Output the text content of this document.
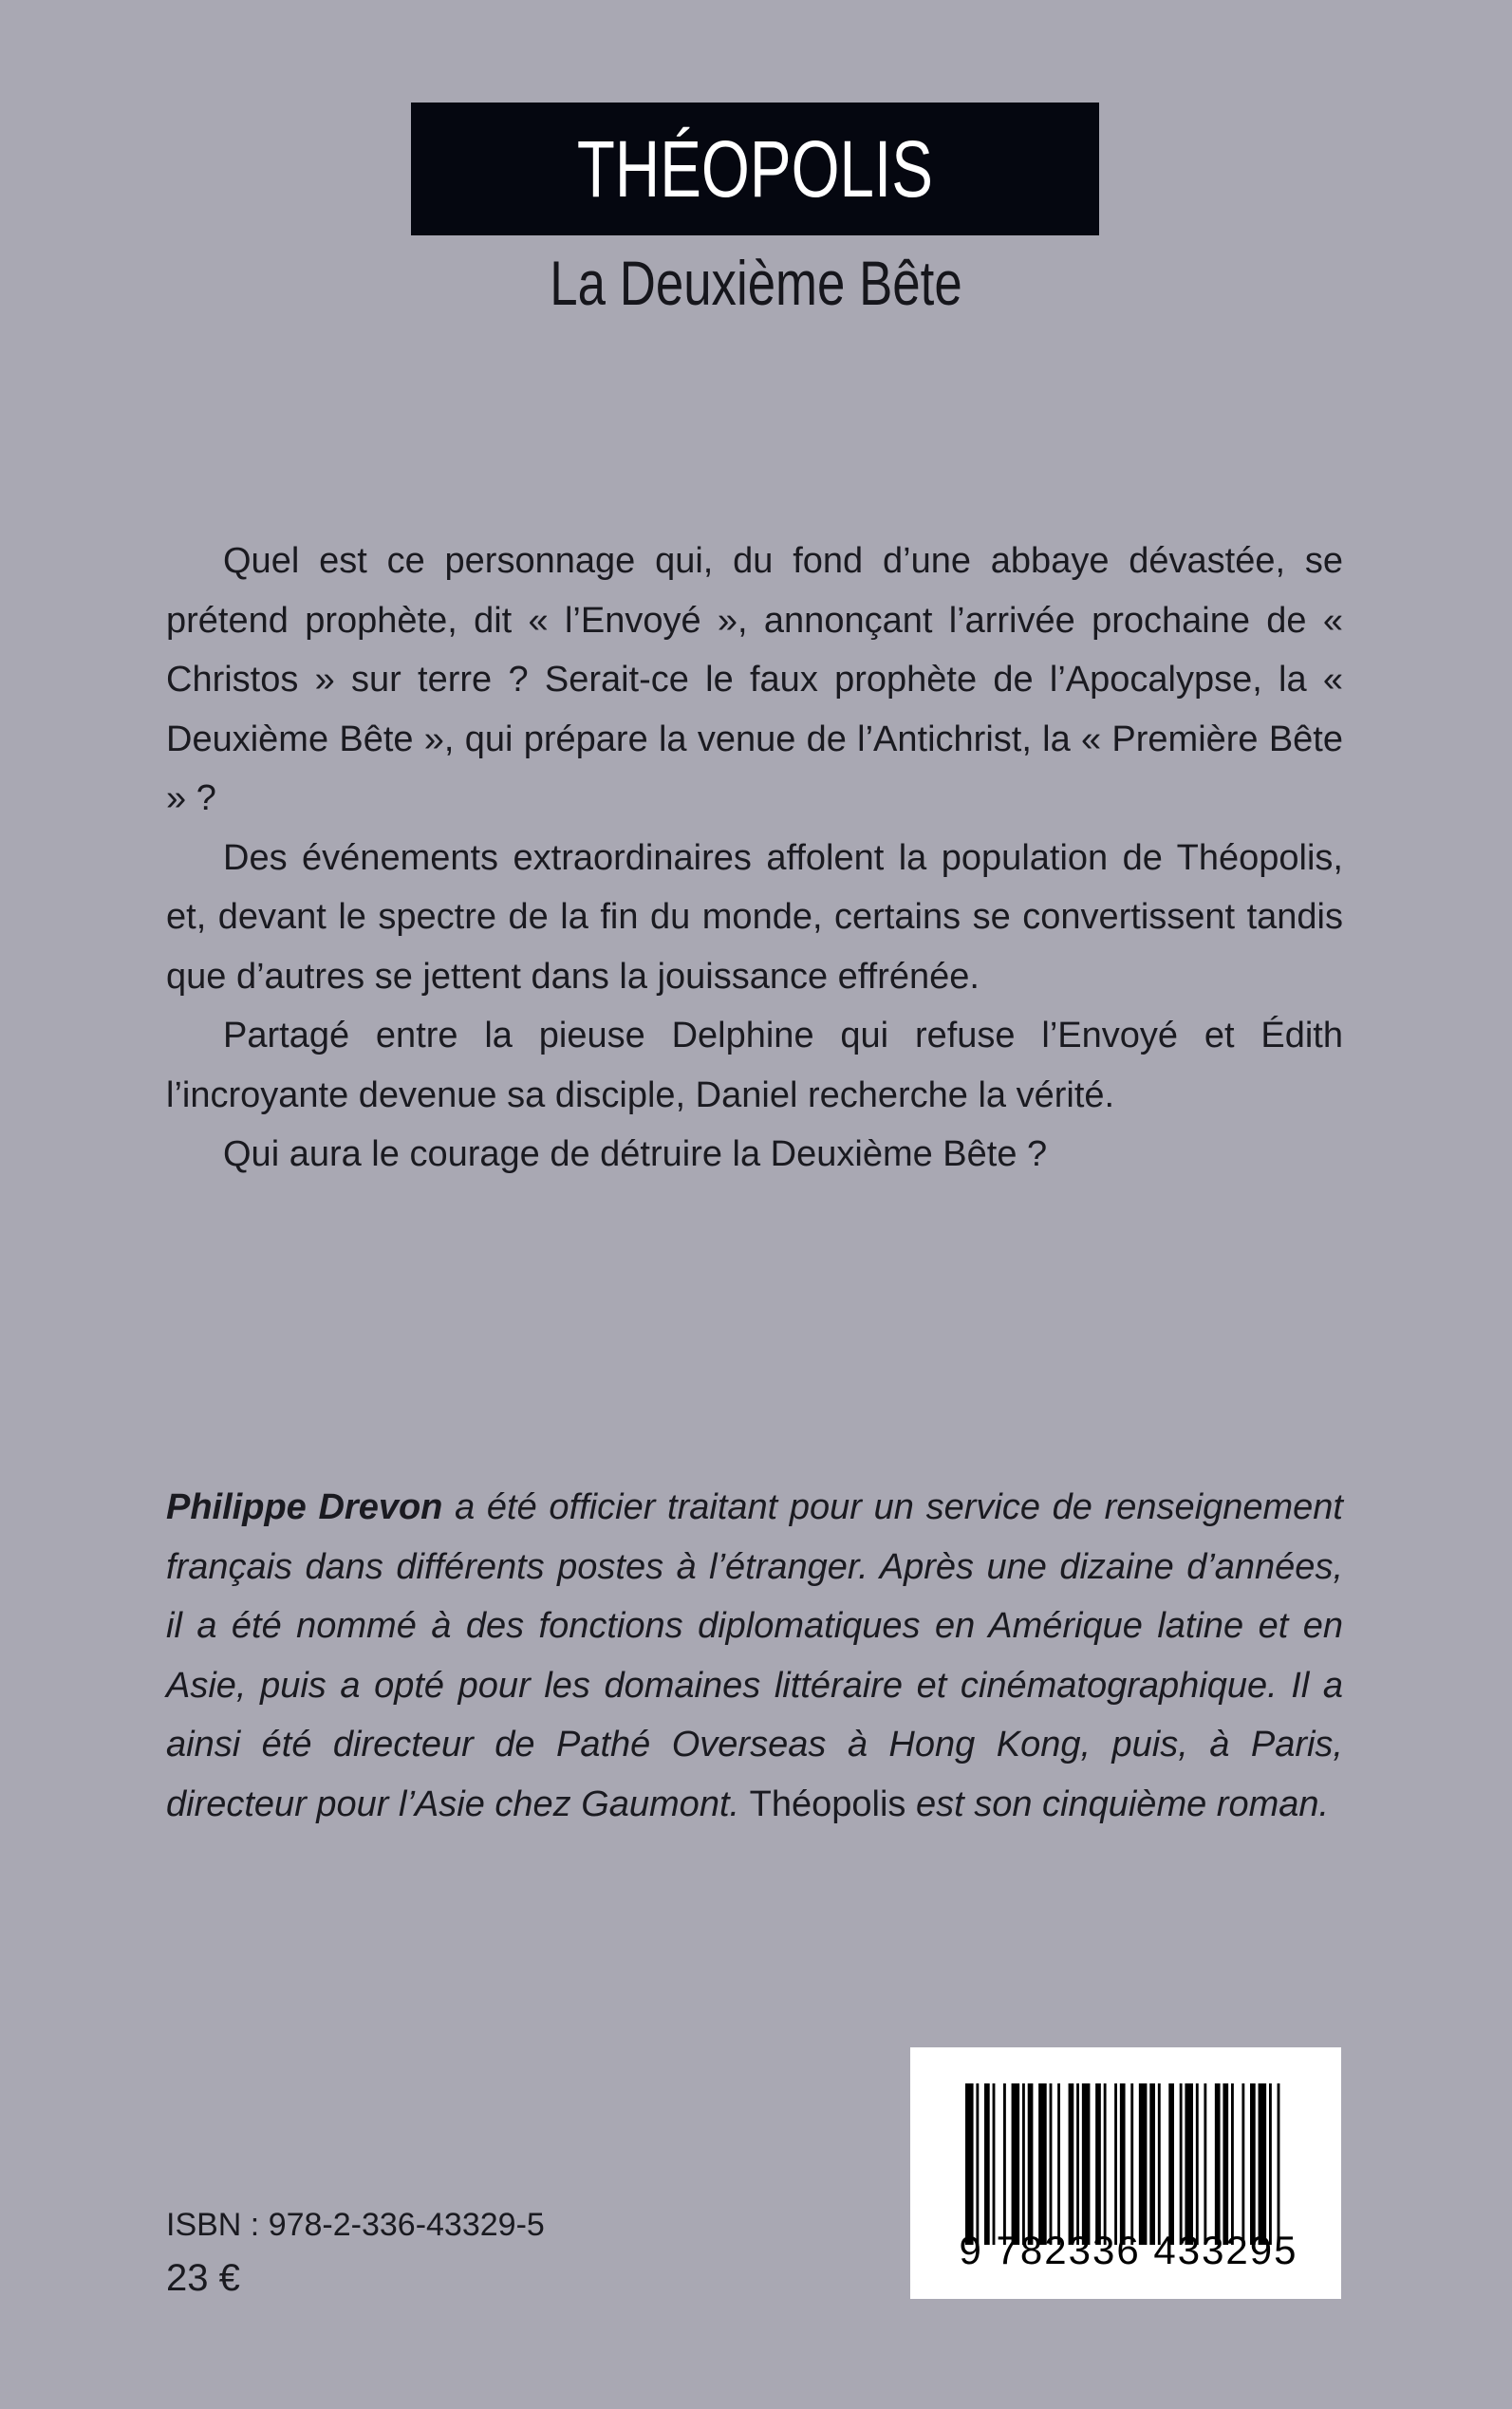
THÉOPOLIS
La Deuxième Bête

Quel est ce personnage qui, du fond d’une abbaye dévastée, se prétend prophète, dit « l’Envoyé », annonçant l’arrivée prochaine de « Christos » sur terre ? Serait-ce le faux prophète de l’Apocalypse, la « Deuxième Bête », qui prépare la venue de l’Antichrist, la « Première Bête » ?

Des événements extraordinaires affolent la population de Théopolis, et, devant le spectre de la fin du monde, certains se convertissent tandis que d’autres se jettent dans la jouissance effrénée.

Partagé entre la pieuse Delphine qui refuse l’Envoyé et Édith l’incroyante devenue sa disciple, Daniel recherche la vérité.

Qui aura le courage de détruire la Deuxième Bête ?

Philippe Drevon a été officier traitant pour un service de renseignement français dans différents postes à l’étranger. Après une dizaine d’années, il a été nommé à des fonctions diplomatiques en Amérique latine et en Asie, puis a opté pour les domaines littéraire et cinématographique. Il a ainsi été directeur de Pathé Overseas à Hong Kong, puis, à Paris, directeur pour l’Asie chez Gaumont. Théopolis est son cinquième roman.
ISBN : 978-2-336-43329-5
23 €
9 782336 433295
